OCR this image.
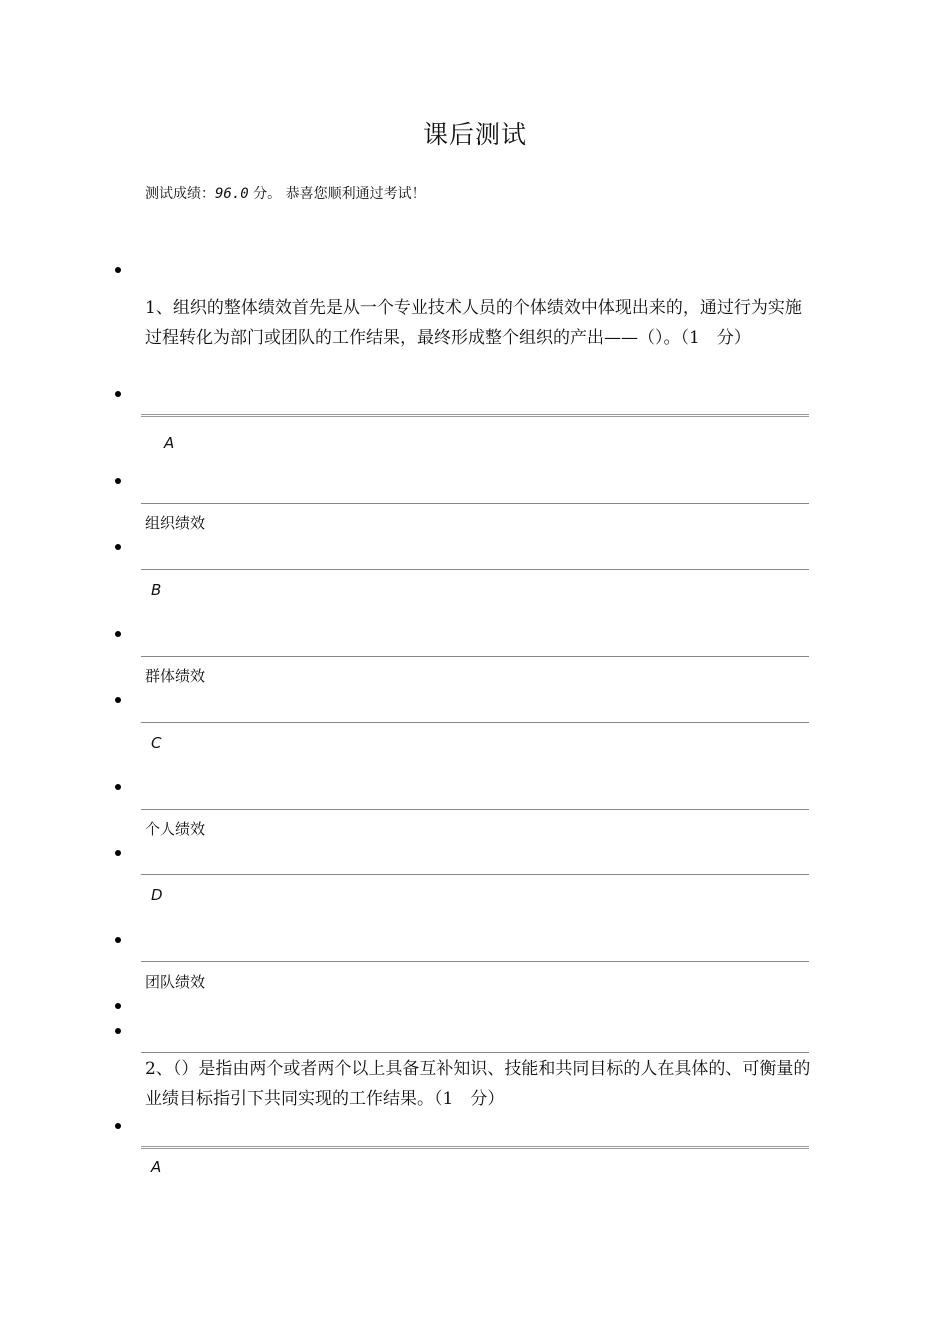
课后测试
测试成绩：96.0 分。 恭喜您顺利通过考试！
1、组织的整体绩效首先是从一个专业技术人员的个体绩效中体现出来的，通过行为实施过程转化为部门或团队的工作结果，最终形成整个组织的产出——（）。（1　分）
A
组织绩效
B
群体绩效
C
个人绩效
D
团队绩效
2、（）是指由两个或者两个以上具备互补知识、技能和共同目标的人在具体的、可衡量的业绩目标指引下共同实现的工作结果。（1　分）
A
